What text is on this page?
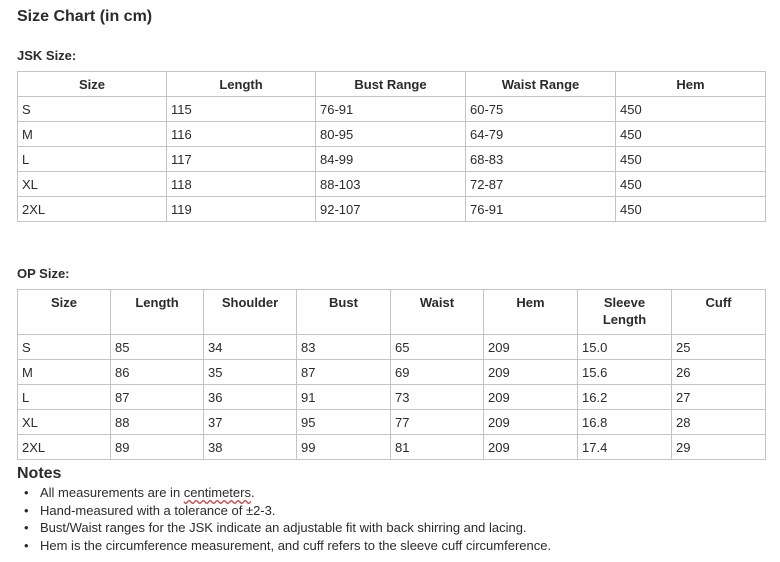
Size Chart (in cm)
JSK Size:
Size	Length	Bust Range	Waist Range	Hem
S	115	76-91	60-75	450
M	116	80-95	64-79	450
L	117	84-99	68-83	450
XL	118	88-103	72-87	450
2XL	119	92-107	76-91	450
OP Size:
Size	Length	Shoulder	Bust	Waist	Hem	Sleeve Length	Cuff
S	85	34	83	65	209	15.0	25
M	86	35	87	69	209	15.6	26
L	87	36	91	73	209	16.2	27
XL	88	37	95	77	209	16.8	28
2XL	89	38	99	81	209	17.4	29
Notes
• All measurements are in centimeters.
• Hand-measured with a tolerance of ±2-3.
• Bust/Waist ranges for the JSK indicate an adjustable fit with back shirring and lacing.
• Hem is the circumference measurement, and cuff refers to the sleeve cuff circumference.
